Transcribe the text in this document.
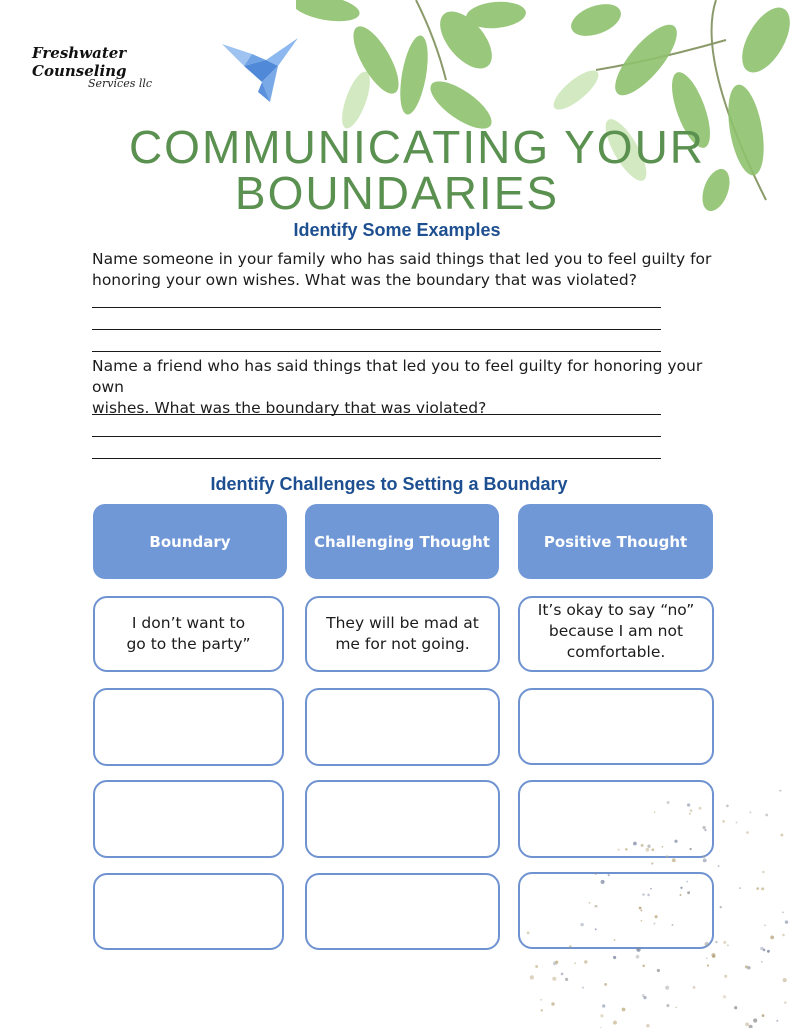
Freshwater Counseling
Services llc
COMMUNICATING YOUR
BOUNDARIES
Identify Some Examples
Name someone in your family who has said things that led you to feel guilty for
honoring your own wishes. What was the boundary that was violated?
Name a friend who has said things that led you to feel guilty for honoring your own
wishes. What was the boundary that was violated?
Identify Challenges to Setting a Boundary
Boundary	Challenging Thought	Positive Thought
I don’t want to
go to the party”
They will be mad at
me for not going.
It’s okay to say “no”
because I am not
comfortable.
